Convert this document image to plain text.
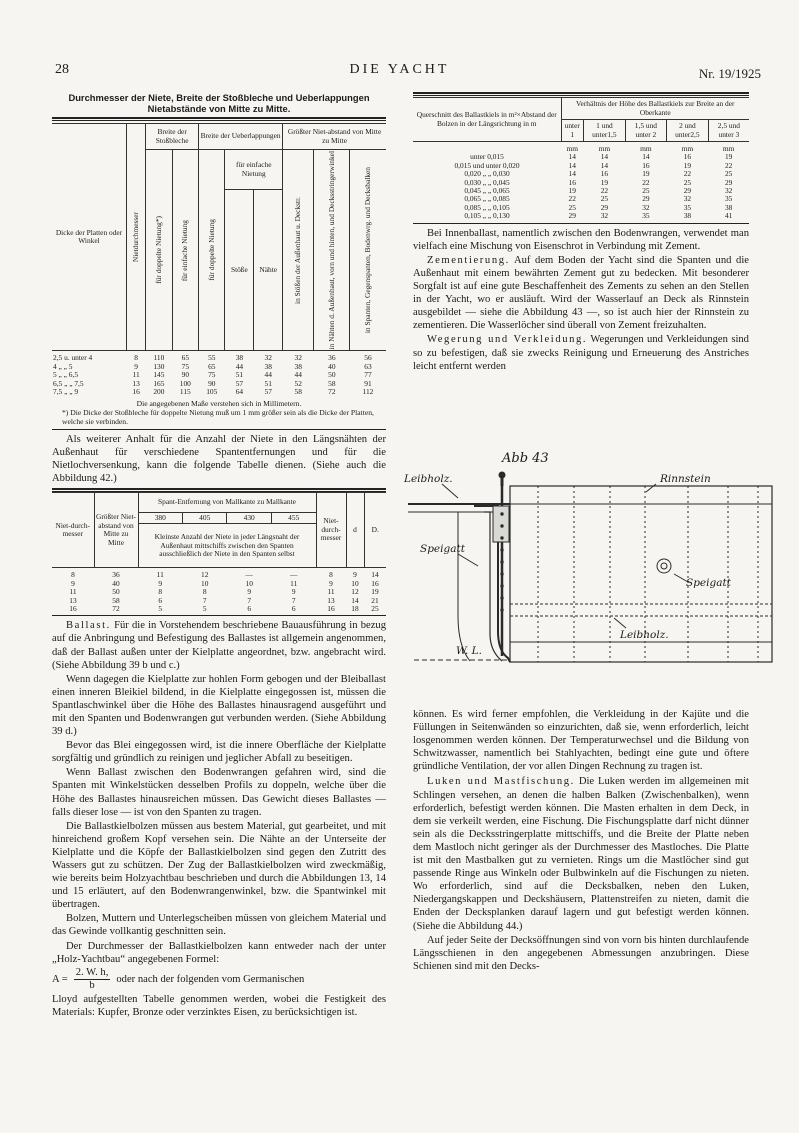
28	DIE YACHT	Nr. 19/1925
Durchmesser der Niete, Breite der Stoßbleche und Ueberlappungen Nietabstände von Mitte zu Mitte.
Dicke der Platten oder Winkel	Nietdurchmesser	Breite der Stoßbleche		Breite der Ueberlappungen			Größter Niet-abstand von Mitte zu Mitte		

		für doppelte Nietung*)	für einfache Nietung	für doppelte Nietung	für einfache Nietung		in Stößen der Außenhaut u. Deckstr.	in Nähten d. Außenhaut, vorn und hinten, und Decksstringerwinkel	in Spanten, Gegenspanten, Bodenwrg. und Decksbalken

					Stöße	Nähte			
2,5 u. unter 4	8	110	65	55	38	32	32	36	56
4 „ „ 5	9	130	75	65	44	38	38	40	63
5 „ „ 6,5	11	145	90	75	51	44	44	50	77
6,5 „ „ 7,5	13	165	100	90	57	51	52	58	91
7,5 „ „ 9	16	200	115	105	64	57	58	72	112
Die angegebenen Maße verstehen sich in Millimetern.
*) Die Dicke der Stoßbleche für doppelte Nietung muß um 1 mm größer sein als die Dicke der Platten, welche sie verbinden.

Als weiterer Anhalt für die Anzahl der Niete in den Längsnähten der Außenhaut für verschiedene Spantentfernungen und für die Nietlochversenkung, kann die folgende Tabelle dienen. (Siehe auch die Abbildung 42.)

Niet-durch-messer	Größter Niet-abstand von Mitte zu Mitte	Spant-Entfernung von Mallkante zu Mallkante				Niet-durch-messer	d	D.
		380	405	430	455			
		Kleinste Anzahl der Niete in jeder Längsnaht der Außenhaut mittschiffs zwischen den Spanten ausschließlich der Niete in den Spanten selbst						
8	36	11	12	—	—	8	9	14
9	40	9	10	10	11	9	10	16
11	50	8	8	9	9	11	12	19
13	58	6	7	7	7	13	14	21
16	72	5	5	6	6	16	18	25

Ballast. Für die in Vorstehendem beschriebene Bauausführung in bezug auf die Anbringung und Befestigung des Ballastes ist allgemein angenommen, daß der Ballast außen unter der Kielplatte angeordnet, bzw. angebracht wird. (Siehe Abbildung 39 b und c.)

Wenn dagegen die Kielplatte zur hohlen Form gebogen und der Bleiballast einen inneren Bleikiel bildend, in die Kielplatte eingegossen ist, müssen die Spantlaschwinkel über die Höhe des Ballastes hinausragend ausgeführt und mit den Spanten und Bodenwrangen gut verbunden werden. (Siehe Abbildung 39 d.)

Bevor das Blei eingegossen wird, ist die innere Oberfläche der Kielplatte sorgfältig und gründlich zu reinigen und jeglicher Abfall zu beseitigen.

Wenn Ballast zwischen den Bodenwrangen gefahren wird, sind die Spanten mit Winkelstücken desselben Profils zu doppeln, welche über die Höhe des Ballastes hinausreichen müssen. Das Gewicht dieses Ballastes — falls dieser lose — ist von den Spanten zu tragen.

Die Ballastkielbolzen müssen aus bestem Material, gut gearbeitet, und mit hinreichend großem Kopf versehen sein. Die Nähte an der Unterseite der Kielplatte und die Köpfe der Ballastkielbolzen sind gegen den Zutritt des Wassers gut zu schützen. Der Zug der Ballastkielbolzen wird zweckmäßig, wie bereits beim Holzyachtbau beschrieben und durch die Abbildungen 13, 14 und 15 erläutert, auf den Bodenwrangenwinkel, bzw. die Spantwinkel mit übertragen.

Bolzen, Muttern und Unterlegscheiben müssen von gleichem Material und das Gewinde vollkantig geschnitten sein.

Der Durchmesser der Ballastkielbolzen kann entweder nach der unter „Holz-Yachtbau“ angegebenen Formel:

$A = \frac{2. W. h,}{b}$ oder nach der folgenden vom Germanischen

Lloyd aufgestellten Tabelle genommen werden, wobei die Festigkeit des Materials: Kupfer, Bronze oder verzinktes Eisen, zu berücksichtigen ist.

Querschnitt des Ballastkiels in m²×Abstand der Bolzen in der Längsrichtung in m	Verhältnis der Höhe des Ballastkiels zur Breite an der Oberkante				
	unter 1	1 und unter1,5	1,5 und unter 2	2 und unter2,5	2,5 und unter 3
	mm	mm	mm	mm	mm
unter 0,015	14	14	14	16	19
0,015 und unter 0,020	14	14	16	19	22
0,020 „ „ 0,030	14	16	19	22	25
0,030 „ „ 0,045	16	19	22	25	29
0,045 „ „ 0,065	19	22	25	29	32
0,065 „ „ 0,085	22	25	29	32	35
0,085 „ „ 0,105	25	29	32	35	38
0,105 „ „ 0,130	29	32	35	38	41

Bei Innenballast, namentlich zwischen den Bodenwrangen, verwendet man vielfach eine Mischung von Eisenschrot in Verbindung mit Zement.

Zementierung. Auf dem Boden der Yacht sind die Spanten und die Außenhaut mit einem bewährten Zement gut zu bedecken. Mit besonderer Sorgfalt ist auf eine gute Beschaffenheit des Zements zu sehen an den Stellen in der Yacht, wo er ausläuft. Wird der Wasserlauf an Deck als Rinnstein ausgebildet — siehe die Abbildung 43 —, so ist auch hier der Rinnstein zu zementieren. Die Wasserlöcher sind überall von Zement freizuhalten.

Wegerung und Verkleidung. Wegerungen und Verkleidungen sind so zu befestigen, daß sie zwecks Reinigung und Erneuerung des Anstriches leicht entfernt werden

Abb 43
Leibholz.	Rinnstein
Speigatt
Speigatt
Leibholz.
W. L.

können. Es wird ferner empfohlen, die Verkleidung in der Kajüte und die Füllungen in Seitenwänden so einzurichten, daß sie, wenn erforderlich, leicht losgenommen werden können. Der Temperaturwechsel und die Bildung von Schwitzwasser, namentlich bei Stahlyachten, bedingt eine gute und öftere gründliche Ventilation, der vor allen Dingen Rechnung zu tragen ist.

Luken und Mastfischung. Die Luken werden im allgemeinen mit Schlingen versehen, an denen die halben Balken (Zwischenbalken), wenn erforderlich, befestigt werden können. Die Masten erhalten in dem Deck, in dem sie verkeilt werden, eine Fischung. Die Fischungsplatte darf nicht dünner sein als die Decksstringerplatte mittschiffs, und die Breite der Platte neben dem Mastloch nicht geringer als der Durchmesser des Mastloches. Die Platte ist mit den Mastbalken gut zu vernieten. Rings um die Mastlöcher sind gut passende Ringe aus Winkeln oder Bulbwinkeln auf die Fischungen zu nieten. Wo erforderlich, sind auf die Decksbalken, neben den Luken, Niedergangskappen und Deckshäusern, Plattenstreifen zu nieten, damit die Enden der Decksplanken darauf lagern und gut befestigt werden können. (Siehe die Abbildung 44.)

Auf jeder Seite der Decksöffnungen sind von vorn bis hinten durchlaufende Längsschienen in den angegebenen Abmessungen anzubringen. Diese Schienen sind mit den Decks-
